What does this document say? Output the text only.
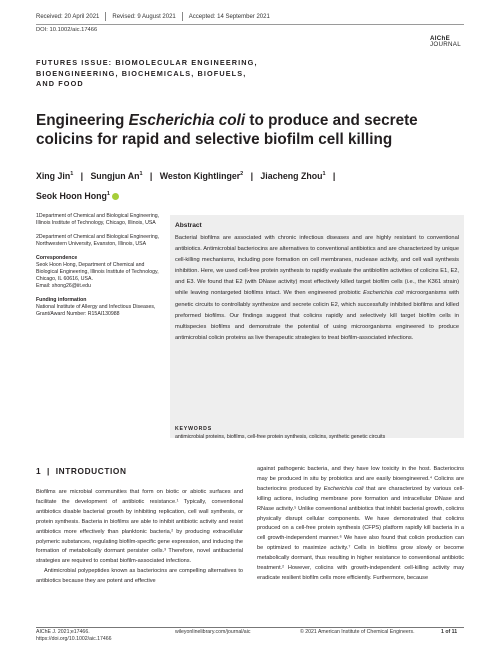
Received: 20 April 2021 Revised: 9 August 2021 Accepted: 14 September 2021
DOI: 10.1002/aic.17466
AIChE
JOURNAL
FUTURES ISSUE: BIOMOLECULAR ENGINEERING,
BIOENGINEERING, BIOCHEMICALS, BIOFUELS,
AND FOOD
Engineering Escherichia coli to produce and secrete colicins for rapid and selective biofilm cell killing
Xing Jin$^1$ | Sungjun An$^1$ | Weston Kightlinger$^2$ | Jiacheng Zhou$^1$ |
Seok Hoon Hong$^1$
1Department of Chemical and Biological Engineering, Illinois Institute of Technology, Chicago, Illinois, USA
2Department of Chemical and Biological Engineering, Northwestern University, Evanston, Illinois, USA
Correspondence
Seok Hoon Hong, Department of Chemical and Biological Engineering, Illinois Institute of Technology, Chicago, IL 60616, USA.
Email: shong26@iit.edu
Funding information
National Institute of Allergy and Infectious Diseases, Grant/Award Number: R15AI130988
Abstract
Bacterial biofilms are associated with chronic infectious diseases and are highly resistant to conventional antibiotics. Antimicrobial bacteriocins are alternatives to conventional antibiotics and are characterized by unique cell-killing mechanisms, including pore formation on cell membranes, nuclease activity, and cell wall synthesis inhibition. Here, we used cell-free protein synthesis to rapidly evaluate the antibiofilm activities of colicins E1, E2, and E3. We found that E2 (with DNase activity) most effectively killed target biofilm cells (i.e., the K361 strain) while leaving nontargeted biofilms intact. We then engineered probiotic Escherichia coli microorganisms with genetic circuits to controllably synthesize and secrete colicin E2, which successfully inhibited biofilms and killed preformed biofilms. Our findings suggest that colicins rapidly and selectively kill target biofilm cells in multispecies biofilms and demonstrate the potential of using microorganisms engineered to produce antimicrobial colicin proteins as live therapeutic strategies to treat biofilm-associated infections.
KEYWORDS
antimicrobial proteins, biofilms, cell-free protein synthesis, colicins, synthetic genetic circuits
1 | INTRODUCTION

Biofilms are microbial communities that form on biotic or abiotic surfaces and facilitate the development of antibiotic resistance.¹ Typically, conventional antibiotics disable bacterial growth by inhibiting replication, cell wall synthesis, or protein synthesis. Bacteria in biofilms are able to inhibit antibiotic activity and resist antibiotics more effectively than planktonic bacteria,² by producing extracellular polymeric substances, regulating biofilm-specific gene expression, and inducing the formation of metabolically dormant persister cells.³ Therefore, novel antibacterial strategies are required to combat biofilm-associated infections.

Antimicrobial polypeptides known as bacteriocins are compelling alternatives to antibiotics because they are potent and effective

against pathogenic bacteria, and they have low toxicity in the host. Bacteriocins may be produced in situ by probiotics and are easily bioengineered.⁴ Colicins are bacteriocins produced by Escherichia coli that are characterized by various cell-killing actions, including membrane pore formation and intracellular DNase and RNase activity.⁵ Unlike conventional antibiotics that inhibit bacterial growth, colicins physically disrupt cellular components. We have demonstrated that colicins produced on a cell-free protein synthesis (CFPS) platform rapidly kill bacteria in a cell growth-independent manner.⁶ We have also found that colicin production can be optimized to maximize activity.⁷ Cells in biofilms grow slowly or become metabolically dormant, thus resulting in higher resistance to conventional antibiotic treatment.² However, colicins with growth-independent cell-killing activity may eradicate resilient biofilm cells more efficiently. Furthermore, because

AIChE J. 2021;e17466.
https://doi.org/10.1002/aic.17466
wileyonlinelibrary.com/journal/aic	© 2021 American Institute of Chemical Engineers.	1 of 11
